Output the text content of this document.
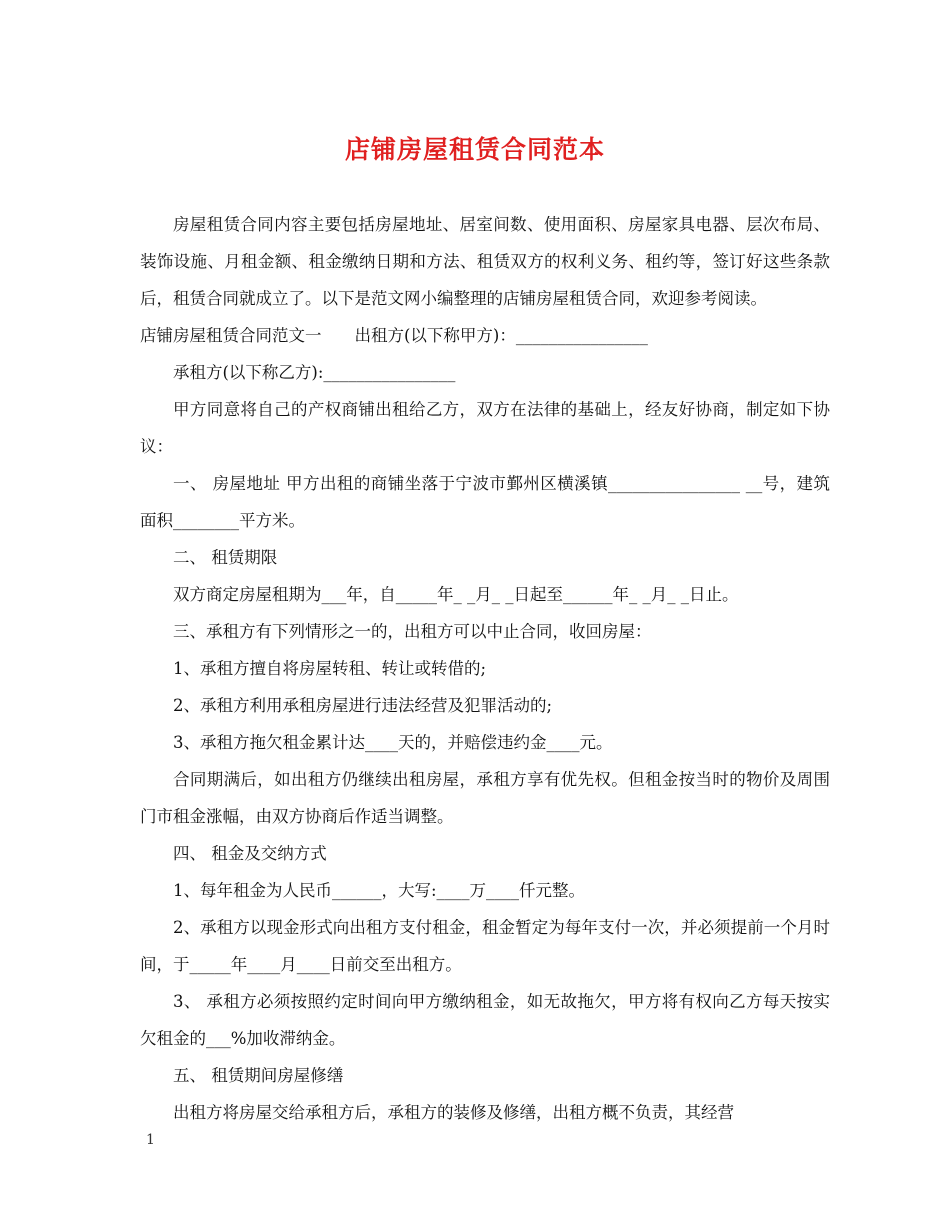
店铺房屋租赁合同范本

房屋租赁合同内容主要包括房屋地址、居室间数、使用面积、房屋家具电器、层次布局、装饰设施、月租金额、租金缴纳日期和方法、租赁双方的权利义务、租约等，签订好这些条款后，租赁合同就成立了。以下是范文网小编整理的店铺房屋租赁合同，欢迎参考阅读。

店铺房屋租赁合同范文一　　出租方(以下称甲方)：________________

承租方(以下称乙方):________________

甲方同意将自己的产权商铺出租给乙方，双方在法律的基础上，经友好协商，制定如下协议：

一、 房屋地址 甲方出租的商铺坐落于宁波市鄞州区横溪镇________________ __号，建筑面积________平方米。

二、 租赁期限

双方商定房屋租期为___年，自_____年_ _月_ _日起至______年_ _月_ _日止。

三、承租方有下列情形之一的，出租方可以中止合同，收回房屋：

1、承租方擅自将房屋转租、转让或转借的;

2、承租方利用承租房屋进行违法经营及犯罪活动的;

3、承租方拖欠租金累计达____天的，并赔偿违约金____元。

合同期满后，如出租方仍继续出租房屋，承租方享有优先权。但租金按当时的物价及周围门市租金涨幅，由双方协商后作适当调整。

四、 租金及交纳方式

1、每年租金为人民币______，大写:____万____仟元整。

2、承租方以现金形式向出租方支付租金，租金暂定为每年支付一次，并必须提前一个月时间，于_____年____月____日前交至出租方。

3、 承租方必须按照约定时间向甲方缴纳租金，如无故拖欠，甲方将有权向乙方每天按实欠租金的___%加收滞纳金。

五、 租赁期间房屋修缮

出租方将房屋交给承租方后，承租方的装修及修缮，出租方概不负责，其经营

1
